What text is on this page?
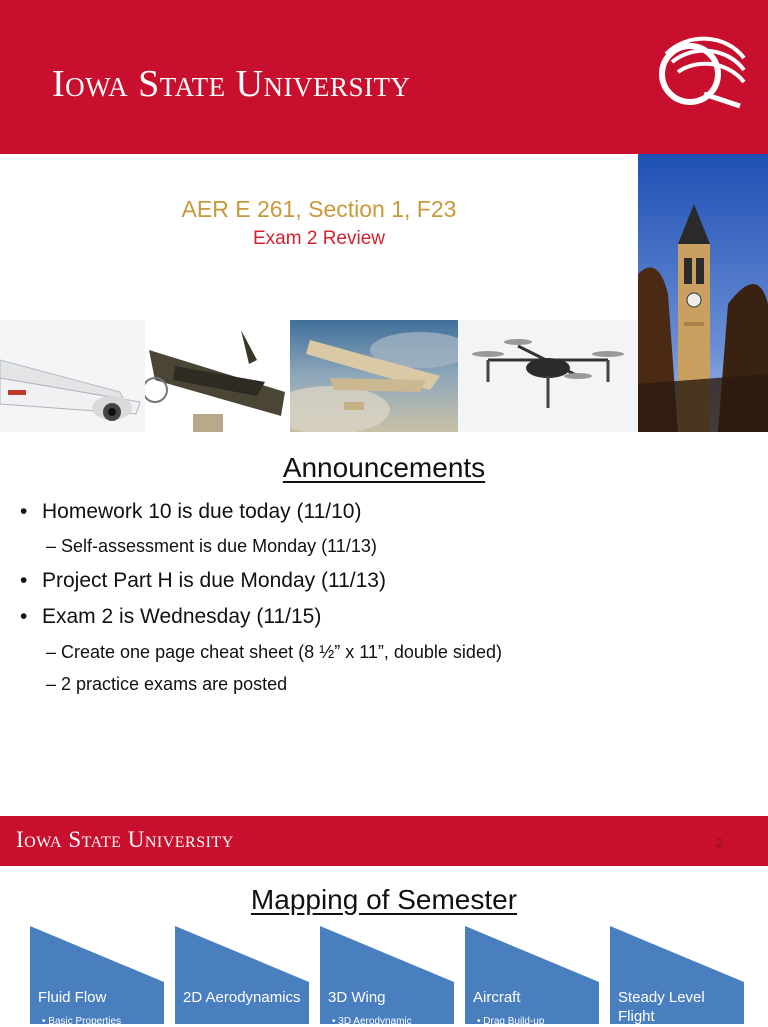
Iowa State University
AER E 261, Section 1, F23
Exam 2 Review
Announcements
• Homework 10 is due today (11/10)
– Self-assessment is due Monday (11/13)
• Project Part H is due Monday (11/13)
• Exam 2 is Wednesday (11/15)
– Create one page cheat sheet (8 ½” x 11”, double sided)
– 2 practice exams are posted
Iowa State University	2
Mapping of Semester
Fluid Flow
• Basic Properties
2D Aerodynamics	3D Wing
• 3D Aerodynamic
Aircraft
• Drag Build-up
Steady Level Flight
